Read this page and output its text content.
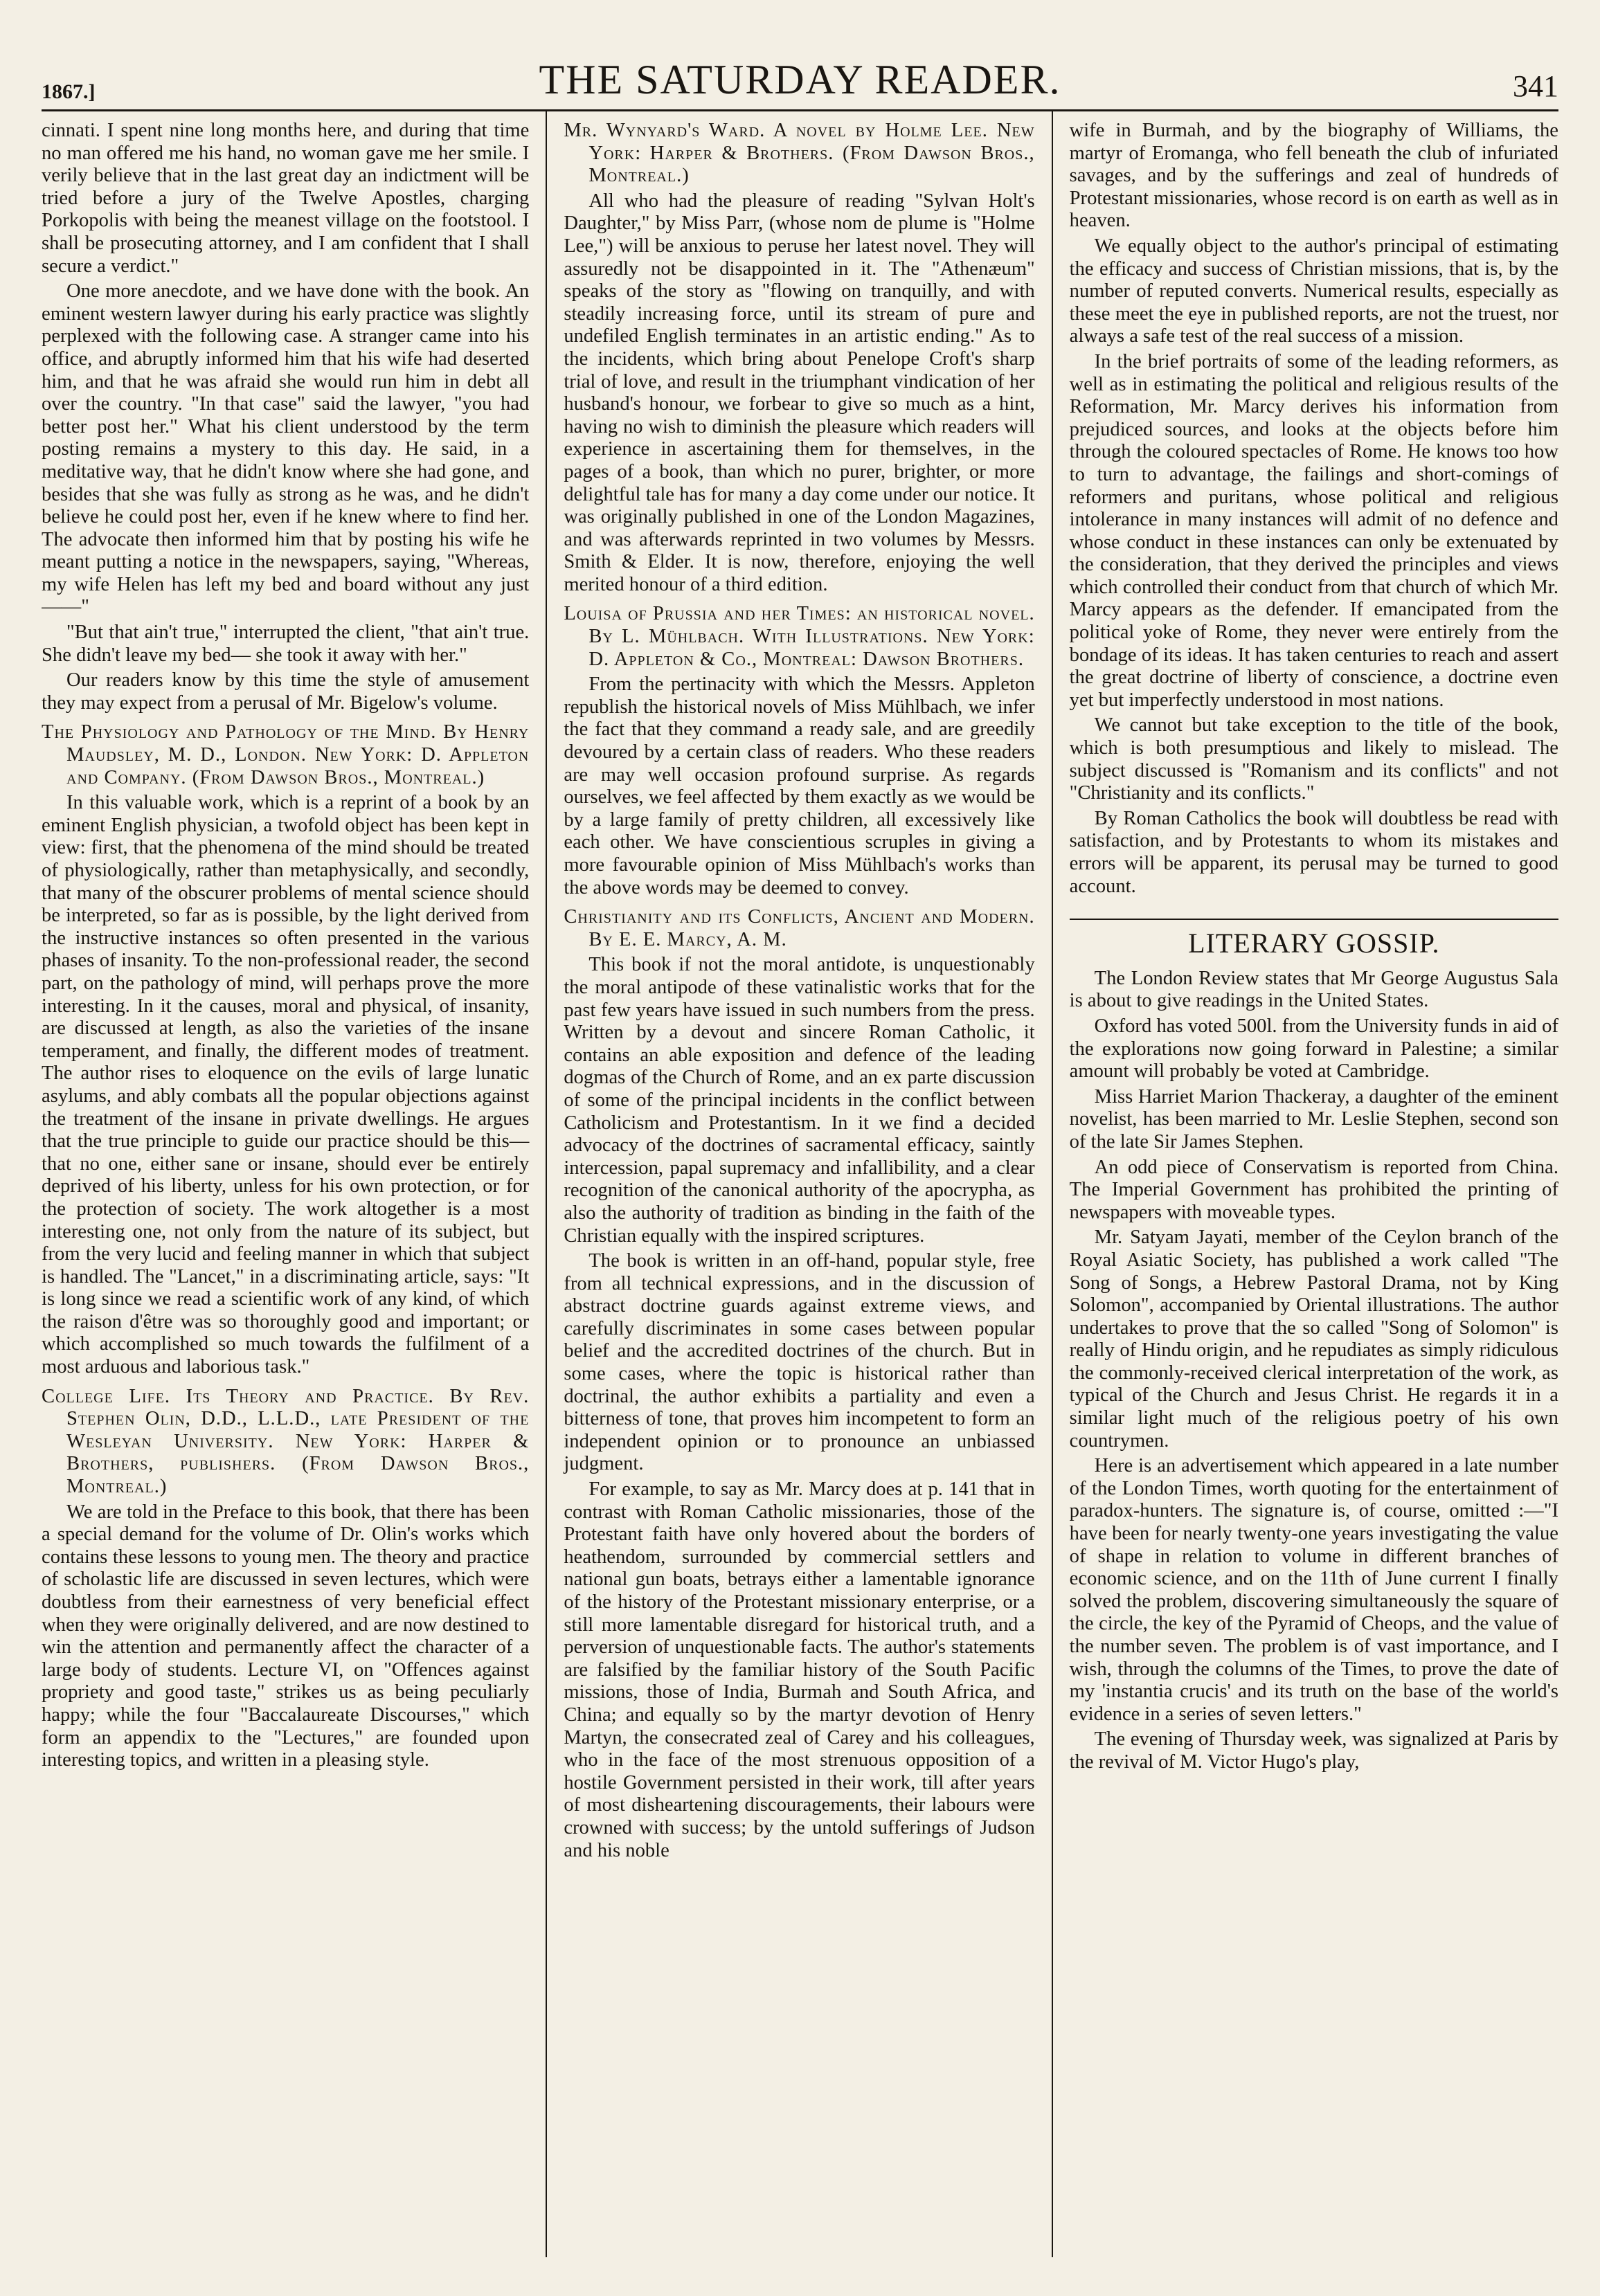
1867.]	THE SATURDAY READER.	341

cinnati. I spent nine long months here, and during that time no man offered me his hand, no woman gave me her smile. I verily believe that in the last great day an indictment will be tried before a jury of the Twelve Apostles, charging Porkopolis with being the meanest village on the footstool. I shall be prosecuting attorney, and I am confident that I shall secure a verdict."

One more anecdote, and we have done with the book. An eminent western lawyer during his early practice was slightly perplexed with the following case. A stranger came into his office, and abruptly informed him that his wife had deserted him, and that he was afraid she would run him in debt all over the country. "In that case" said the lawyer, "you had better post her." What his client understood by the term posting remains a mystery to this day. He said, in a meditative way, that he didn't know where she had gone, and besides that she was fully as strong as he was, and he didn't believe he could post her, even if he knew where to find her. The advocate then informed him that by posting his wife he meant putting a notice in the newspapers, saying, "Whereas, my wife Helen has left my bed and board without any just ——"

"But that ain't true," interrupted the client, "that ain't true. She didn't leave my bed— she took it away with her."

Our readers know by this time the style of amusement they may expect from a perusal of Mr. Bigelow's volume.

The Physiology and Pathology of the Mind. By Henry Maudsley, M. D., London. New York: D. Appleton and Company. (From Dawson Bros., Montreal.)

In this valuable work, which is a reprint of a book by an eminent English physician, a twofold object has been kept in view: first, that the phenomena of the mind should be treated of physiologically, rather than metaphysically, and secondly, that many of the obscurer problems of mental science should be interpreted, so far as is possible, by the light derived from the instructive instances so often presented in the various phases of insanity. To the non-professional reader, the second part, on the pathology of mind, will perhaps prove the more interesting. In it the causes, moral and physical, of insanity, are discussed at length, as also the varieties of the insane temperament, and finally, the different modes of treatment. The author rises to eloquence on the evils of large lunatic asylums, and ably combats all the popular objections against the treatment of the insane in private dwellings. He argues that the true principle to guide our practice should be this—that no one, either sane or insane, should ever be entirely deprived of his liberty, unless for his own protection, or for the protection of society. The work altogether is a most interesting one, not only from the nature of its subject, but from the very lucid and feeling manner in which that subject is handled. The "Lancet," in a discriminating article, says: "It is long since we read a scientific work of any kind, of which the raison d'être was so thoroughly good and important; or which accomplished so much towards the fulfilment of a most arduous and laborious task."

College Life. Its Theory and Practice. By Rev. Stephen Olin, D.D., L.L.D., late President of the Wesleyan University. New York: Harper & Brothers, publishers. (From Dawson Bros., Montreal.)

We are told in the Preface to this book, that there has been a special demand for the volume of Dr. Olin's works which contains these lessons to young men. The theory and practice of scholastic life are discussed in seven lectures, which were doubtless from their earnestness of very beneficial effect when they were originally delivered, and are now destined to win the attention and permanently affect the character of a large body of students. Lecture VI, on "Offences against propriety and good taste," strikes us as being peculiarly happy; while the four "Baccalaureate Discourses," which form an appendix to the "Lectures," are founded upon interesting topics, and written in a pleasing style.

Mr. Wynyard's Ward. A novel by Holme Lee. New York: Harper & Brothers. (From Dawson Bros., Montreal.)

All who had the pleasure of reading "Sylvan Holt's Daughter," by Miss Parr, (whose nom de plume is "Holme Lee,") will be anxious to peruse her latest novel. They will assuredly not be disappointed in it. The "Athenæum" speaks of the story as "flowing on tranquilly, and with steadily increasing force, until its stream of pure and undefiled English terminates in an artistic ending." As to the incidents, which bring about Penelope Croft's sharp trial of love, and result in the triumphant vindication of her husband's honour, we forbear to give so much as a hint, having no wish to diminish the pleasure which readers will experience in ascertaining them for themselves, in the pages of a book, than which no purer, brighter, or more delightful tale has for many a day come under our notice. It was originally published in one of the London Magazines, and was afterwards reprinted in two volumes by Messrs. Smith & Elder. It is now, therefore, enjoying the well merited honour of a third edition.

Louisa of Prussia and her Times: an historical novel. By L. Mühlbach. With Illustrations. New York: D. Appleton & Co., Montreal: Dawson Brothers.

From the pertinacity with which the Messrs. Appleton republish the historical novels of Miss Mühlbach, we infer the fact that they command a ready sale, and are greedily devoured by a certain class of readers. Who these readers are may well occasion profound surprise. As regards ourselves, we feel affected by them exactly as we would be by a large family of pretty children, all excessively like each other. We have conscientious scruples in giving a more favourable opinion of Miss Mühlbach's works than the above words may be deemed to convey.

Christianity and its Conflicts, Ancient and Modern. By E. E. Marcy, A. M.

This book if not the moral antidote, is unquestionably the moral antipode of these vatinalistic works that for the past few years have issued in such numbers from the press. Written by a devout and sincere Roman Catholic, it contains an able exposition and defence of the leading dogmas of the Church of Rome, and an ex parte discussion of some of the principal incidents in the conflict between Catholicism and Protestantism. In it we find a decided advocacy of the doctrines of sacramental efficacy, saintly intercession, papal supremacy and infallibility, and a clear recognition of the canonical authority of the apocrypha, as also the authority of tradition as binding in the faith of the Christian equally with the inspired scriptures.

The book is written in an off-hand, popular style, free from all technical expressions, and in the discussion of abstract doctrine guards against extreme views, and carefully discriminates in some cases between popular belief and the accredited doctrines of the church. But in some cases, where the topic is historical rather than doctrinal, the author exhibits a partiality and even a bitterness of tone, that proves him incompetent to form an independent opinion or to pronounce an unbiassed judgment.

For example, to say as Mr. Marcy does at p. 141 that in contrast with Roman Catholic missionaries, those of the Protestant faith have only hovered about the borders of heathendom, surrounded by commercial settlers and national gun boats, betrays either a lamentable ignorance of the history of the Protestant missionary enterprise, or a still more lamentable disregard for historical truth, and a perversion of unquestionable facts. The author's statements are falsified by the familiar history of the South Pacific missions, those of India, Burmah and South Africa, and China; and equally so by the martyr devotion of Henry Martyn, the consecrated zeal of Carey and his colleagues, who in the face of the most strenuous opposition of a hostile Government persisted in their work, till after years of most disheartening discouragements, their labours were crowned with success; by the untold sufferings of Judson and his noble

wife in Burmah, and by the biography of Williams, the martyr of Eromanga, who fell beneath the club of infuriated savages, and by the sufferings and zeal of hundreds of Protestant missionaries, whose record is on earth as well as in heaven.

We equally object to the author's principal of estimating the efficacy and success of Christian missions, that is, by the number of reputed converts. Numerical results, especially as these meet the eye in published reports, are not the truest, nor always a safe test of the real success of a mission.

In the brief portraits of some of the leading reformers, as well as in estimating the political and religious results of the Reformation, Mr. Marcy derives his information from prejudiced sources, and looks at the objects before him through the coloured spectacles of Rome. He knows too how to turn to advantage, the failings and short-comings of reformers and puritans, whose political and religious intolerance in many instances will admit of no defence and whose conduct in these instances can only be extenuated by the consideration, that they derived the principles and views which controlled their conduct from that church of which Mr. Marcy appears as the defender. If emancipated from the political yoke of Rome, they never were entirely from the bondage of its ideas. It has taken centuries to reach and assert the great doctrine of liberty of conscience, a doctrine even yet but imperfectly understood in most nations.

We cannot but take exception to the title of the book, which is both presumptious and likely to mislead. The subject discussed is "Romanism and its conflicts" and not "Christianity and its conflicts."

By Roman Catholics the book will doubtless be read with satisfaction, and by Protestants to whom its mistakes and errors will be apparent, its perusal may be turned to good account.

LITERARY GOSSIP.

The London Review states that Mr George Augustus Sala is about to give readings in the United States.

Oxford has voted 500l. from the University funds in aid of the explorations now going forward in Palestine; a similar amount will probably be voted at Cambridge.

Miss Harriet Marion Thackeray, a daughter of the eminent novelist, has been married to Mr. Leslie Stephen, second son of the late Sir James Stephen.

An odd piece of Conservatism is reported from China. The Imperial Government has prohibited the printing of newspapers with moveable types.

Mr. Satyam Jayati, member of the Ceylon branch of the Royal Asiatic Society, has published a work called "The Song of Songs, a Hebrew Pastoral Drama, not by King Solomon", accompanied by Oriental illustrations. The author undertakes to prove that the so called "Song of Solomon" is really of Hindu origin, and he repudiates as simply ridiculous the commonly-received clerical interpretation of the work, as typical of the Church and Jesus Christ. He regards it in a similar light much of the religious poetry of his own countrymen.

Here is an advertisement which appeared in a late number of the London Times, worth quoting for the entertainment of paradox-hunters. The signature is, of course, omitted :—"I have been for nearly twenty-one years investigating the value of shape in relation to volume in different branches of economic science, and on the 11th of June current I finally solved the problem, discovering simultaneously the square of the circle, the key of the Pyramid of Cheops, and the value of the number seven. The problem is of vast importance, and I wish, through the columns of the Times, to prove the date of my 'instantia crucis' and its truth on the base of the world's evidence in a series of seven letters."

The evening of Thursday week, was signalized at Paris by the revival of M. Victor Hugo's play,
